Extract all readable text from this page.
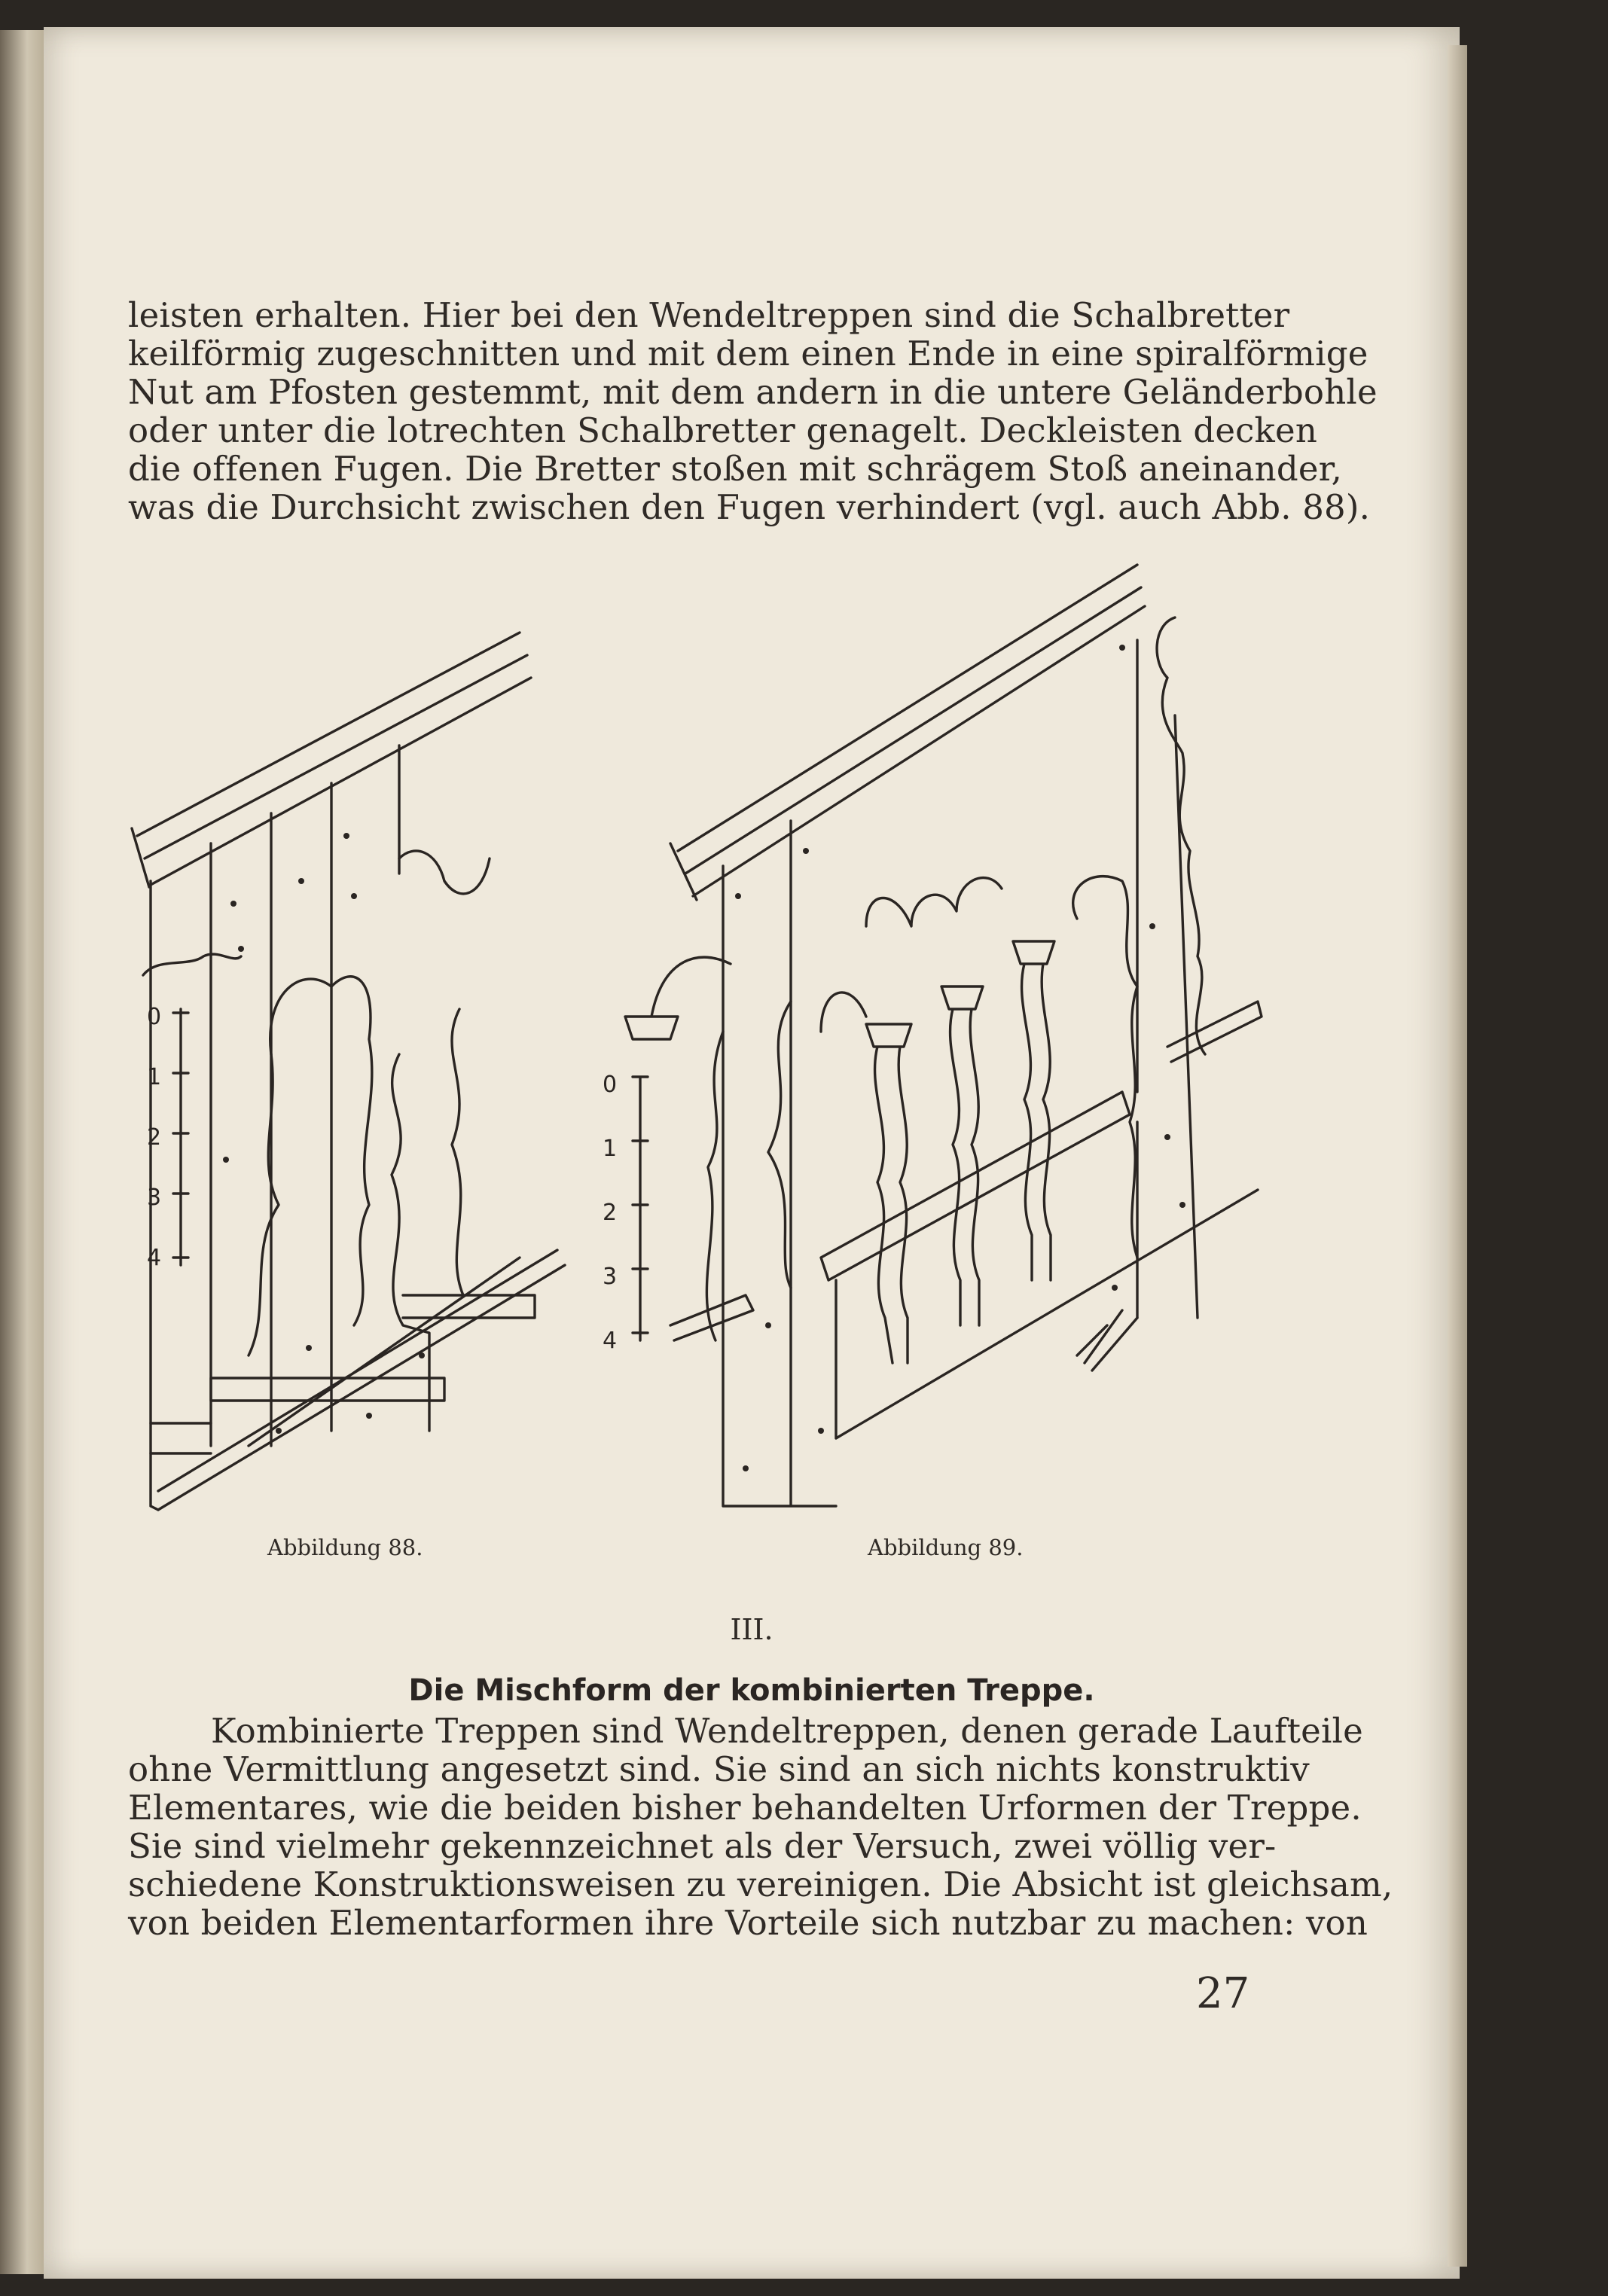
leisten erhalten. Hier bei den Wendeltreppen sind die Schalbretter
keilförmig zugeschnitten und mit dem einen Ende in eine spiralförmige
Nut am Pfosten gestemmt, mit dem andern in die untere Geländerbohle
oder unter die lotrechten Schalbretter genagelt. Deckleisten decken
die offenen Fugen. Die Bretter stoßen mit schrägem Stoß aneinander,
was die Durchsicht zwischen den Fugen verhindert (vgl. auch Abb. 88).
0
1
2
3
4
0
1
2
3
4
Abbildung 88.	Abbildung 89.
III.
Die Mischform der kombinierten Treppe.
Kombinierte Treppen sind Wendeltreppen, denen gerade Laufteile
ohne Vermittlung angesetzt sind. Sie sind an sich nichts konstruktiv
Elementares, wie die beiden bisher behandelten Urformen der Treppe.
Sie sind vielmehr gekennzeichnet als der Versuch, zwei völlig ver-
schiedene Konstruktionsweisen zu vereinigen. Die Absicht ist gleichsam,
von beiden Elementarformen ihre Vorteile sich nutzbar zu machen: von
27
